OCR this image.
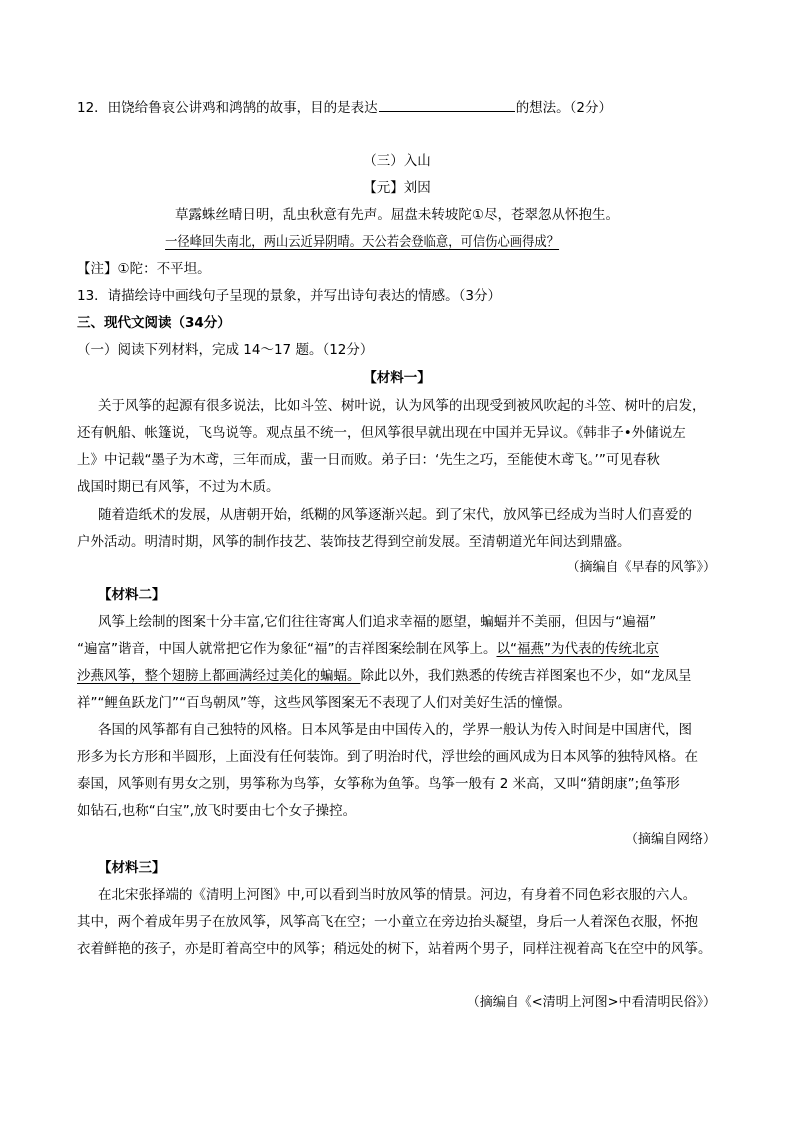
12．田饶给鲁哀公讲鸡和鸿鹄的故事，目的是表达	的想法。（2分）
（三）入山
【元】刘因
草露蛛丝晴日明，乱虫秋意有先声。屈盘未转坡陀①尽，苍翠忽从怀抱生。
一径峰回失南北，两山云近异阴晴。天公若会登临意，可信伤心画得成？
【注】①陀：不平坦。
13．请描绘诗中画线句子呈现的景象，并写出诗句表达的情感。（3分）
三、现代文阅读（34分）
（一）阅读下列材料，完成 14～17 题。（12分）
【材料一】
关于风筝的起源有很多说法，比如斗笠、树叶说，认为风筝的出现受到被风吹起的斗笠、树叶的启发，
还有帆船、帐篷说，飞鸟说等。观点虽不统一，但风筝很早就出现在中国并无异议。《韩非子•外储说左
上》中记载“墨子为木鸢，三年而成，蜚一日而败。弟子曰：‘先生之巧，至能使木鸢飞。’”可见春秋
战国时期已有风筝，不过为木质。
随着造纸术的发展，从唐朝开始，纸糊的风筝逐渐兴起。到了宋代，放风筝已经成为当时人们喜爱的
户外活动。明清时期，风筝的制作技艺、装饰技艺得到空前发展。至清朝道光年间达到鼎盛。
（摘编自《早春的风筝》）
【材料二】
风筝上绘制的图案十分丰富,它们往往寄寓人们追求幸福的愿望，蝙蝠并不美丽，但因与“遍福”
“遍富”谐音，中国人就常把它作为象征“福”的吉祥图案绘制在风筝上。以“福燕”为代表的传统北京
沙燕风筝，整个翅膀上都画满经过美化的蝙蝠。除此以外，我们熟悉的传统吉祥图案也不少，如“龙凤呈
祥”“鲤鱼跃龙门”“百鸟朝凤”等，这些风筝图案无不表现了人们对美好生活的憧憬。
各国的风筝都有自己独特的风格。日本风筝是由中国传入的，学界一般认为传入时间是中国唐代，图
形多为长方形和半圆形，上面没有任何装饰。到了明治时代，浮世绘的画风成为日本风筝的独特风格。在
泰国，风筝则有男女之别，男筝称为鸟筝，女筝称为鱼筝。鸟筝一般有 2 米高，又叫“猜朗康”;鱼筝形
如钻石,也称“白宝”,放飞时要由七个女子操控。
（摘编自网络）
【材料三】
在北宋张择端的《清明上河图》中,可以看到当时放风筝的情景。河边，有身着不同色彩衣服的六人。
其中，两个着成年男子在放风筝，风筝高飞在空；一小童立在旁边抬头凝望，身后一人着深色衣服，怀抱
衣着鲜艳的孩子，亦是盯着高空中的风筝；稍远处的树下，站着两个男子，同样注视着高飞在空中的风筝。
（摘编自《<清明上河图>中看清明民俗》）
